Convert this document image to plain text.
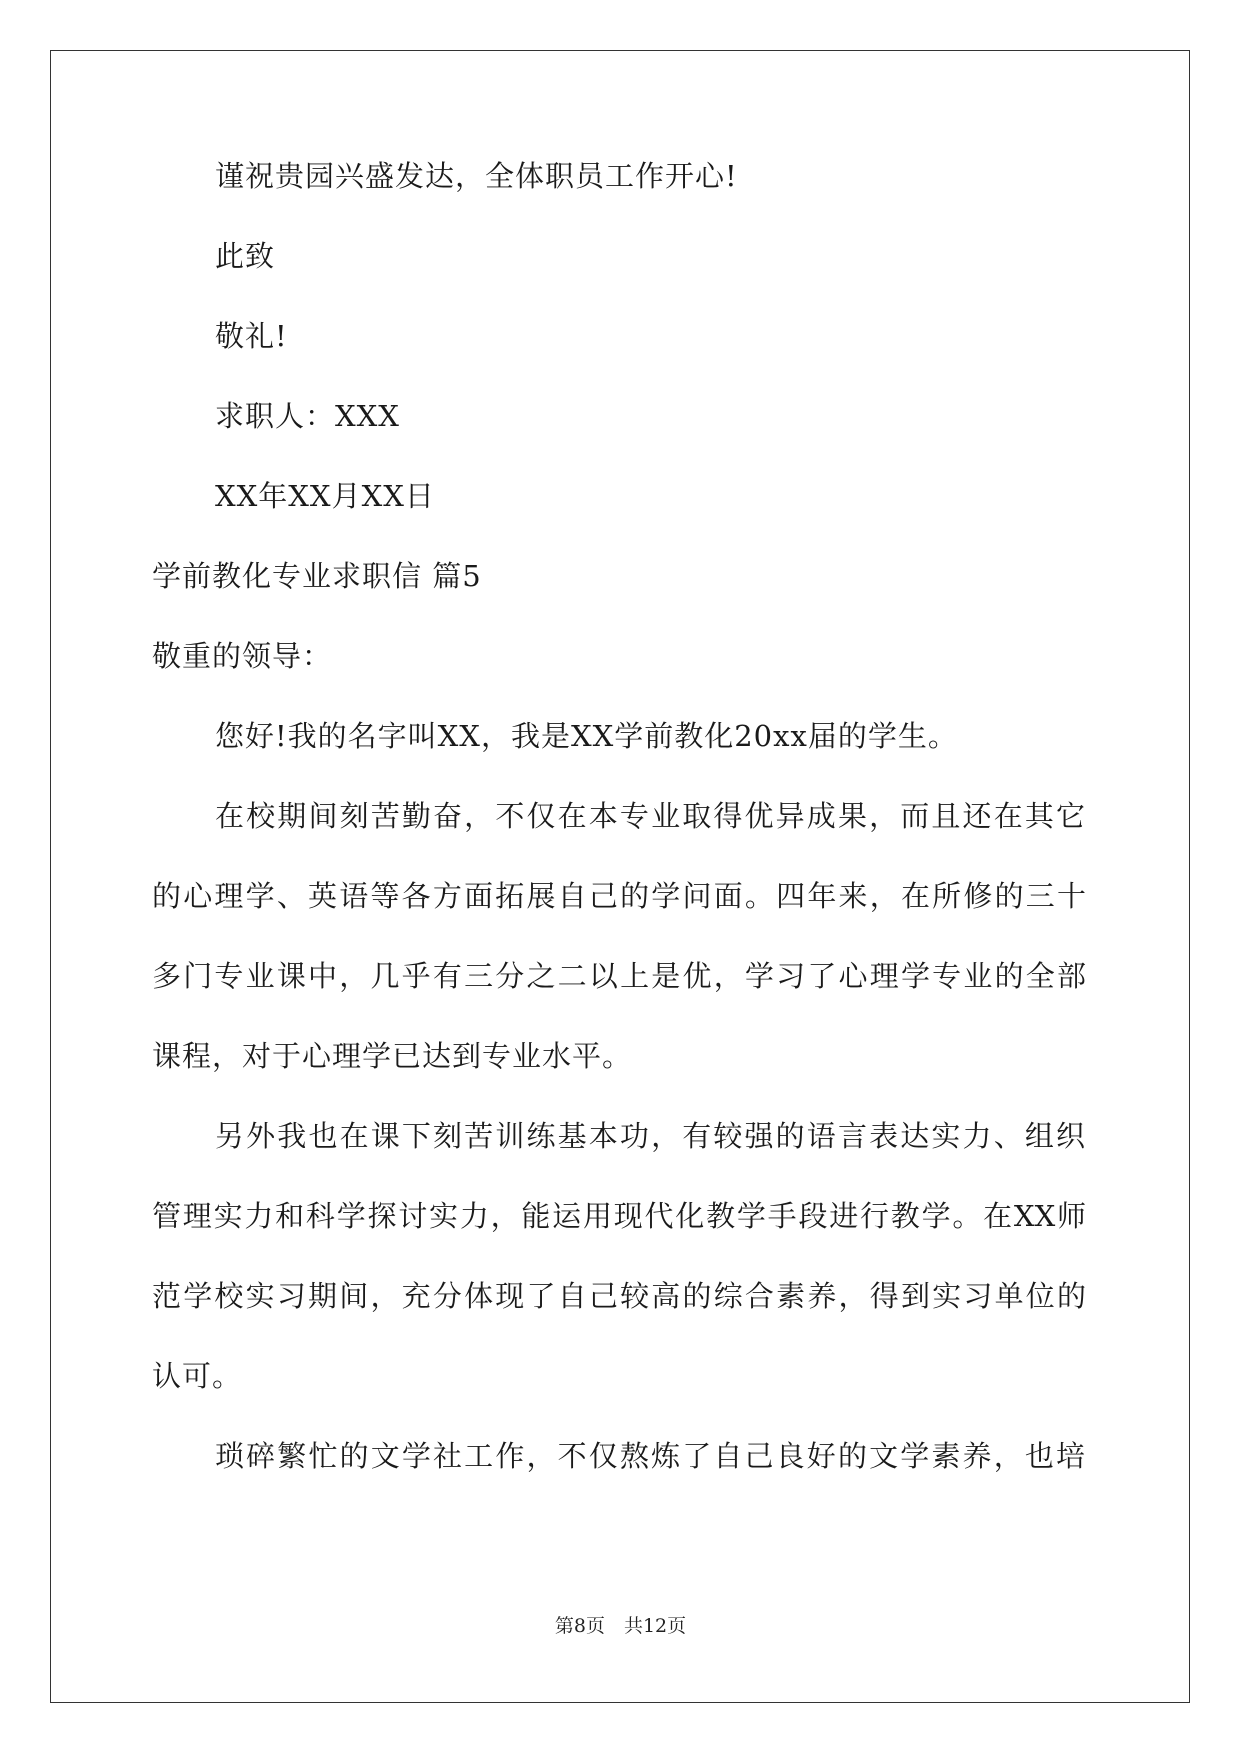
谨祝贵园兴盛发达，全体职员工作开心!
此致
敬礼!
求职人：XXX
XX年XX月XX日
学前教化专业求职信 篇5
敬重的领导：
您好!我的名字叫XX，我是XX学前教化20xx届的学生。
在校期间刻苦勤奋，不仅在本专业取得优异成果，而且还在其它
的心理学、英语等各方面拓展自己的学问面。四年来，在所修的三十
多门专业课中，几乎有三分之二以上是优，学习了心理学专业的全部
课程，对于心理学已达到专业水平。
另外我也在课下刻苦训练基本功，有较强的语言表达实力、组织
管理实力和科学探讨实力，能运用现代化教学手段进行教学。在XX师
范学校实习期间，充分体现了自己较高的综合素养，得到实习单位的
认可。
琐碎繁忙的文学社工作，不仅熬炼了自己良好的文学素养，也培
第8页　共12页
